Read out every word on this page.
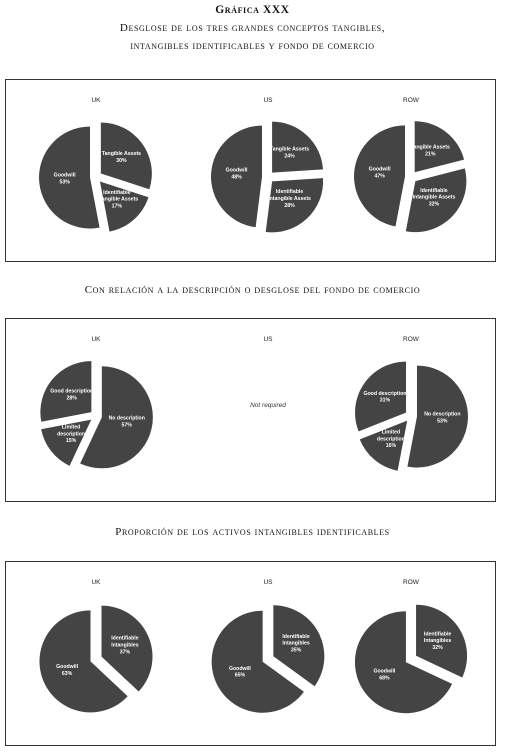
Gráfica XXX
Desglose de los tres grandes conceptos tangibles,
intangibles identificables y fondo de comercio
UK
Tangible Assets 30%
Identifiable Intangible Assets 17%
Goodwill 53%
US
Tangible Assets 24%
Identifiable Intangible Assets 28%
Goodwill 48%
ROW
Tangible Assets 21%
Identifiable Intangible Assets 32%
Goodwill 47%
Con relación a la descripción o desglose del fondo de comercio
UK
No description 57%
Limited description 15%
Good description 28%
US
Not required
ROW
No description 53%
Limited description 16%
Good description 31%
Proporción de los activos intangibles identificables
UK
Identifiable Intangibles 37%
Goodwill 63%
US
Identifiable Intangibles 35%
Goodwill 65%
ROW
Identifiable Intangibles 32%
Goodwill 68%
